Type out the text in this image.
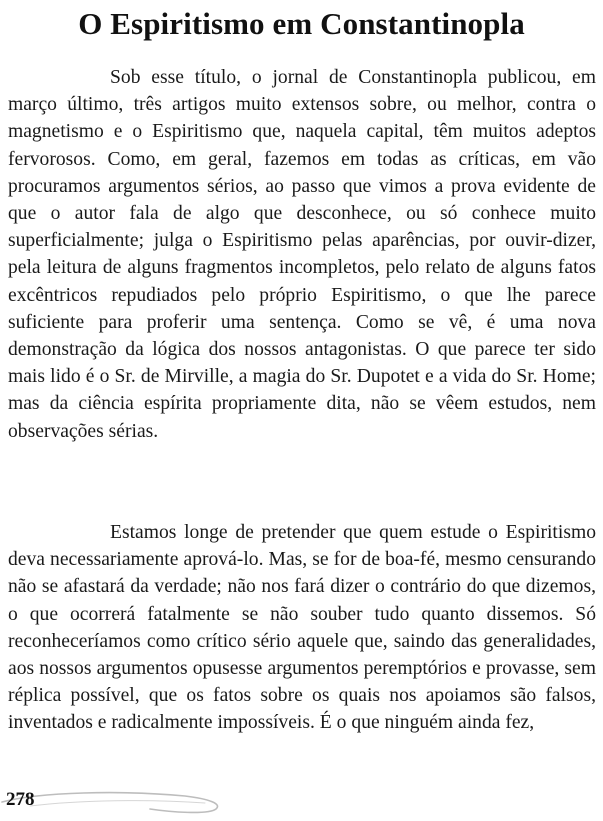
O Espiritismo em Constantinopla

Sob esse título, o jornal de Constantinopla publicou, em março último, três artigos muito extensos sobre, ou melhor, contra o magnetismo e o Espiritismo que, naquela capital, têm muitos adeptos fervorosos. Como, em geral, fazemos em todas as críticas, em vão procuramos argumentos sérios, ao passo que vimos a prova evidente de que o autor fala de algo que desconhece, ou só conhece muito superficialmente; julga o Espiritismo pelas aparências, por ouvir-dizer, pela leitura de alguns fragmentos incompletos, pelo relato de alguns fatos excêntricos repudiados pelo próprio Espiritismo, o que lhe parece suficiente para proferir uma sentença. Como se vê, é uma nova demonstração da lógica dos nossos antagonistas. O que parece ter sido mais lido é o Sr. de Mirville, a magia do Sr. Dupotet e a vida do Sr. Home; mas da ciência espírita propriamente dita, não se vêem estudos, nem observações sérias.

Estamos longe de pretender que quem estude o Espiritismo deva necessariamente aprová-lo. Mas, se for de boa-fé, mesmo censurando não se afastará da verdade; não nos fará dizer o contrário do que dizemos, o que ocorrerá fatalmente se não souber tudo quanto dissemos. Só reconheceríamos como crítico sério aquele que, saindo das generalidades, aos nossos argumentos opusesse argumentos peremptórios e provasse, sem réplica possível, que os fatos sobre os quais nos apoiamos são falsos, inventados e radicalmente impossíveis. É o que ninguém ainda fez,

278
